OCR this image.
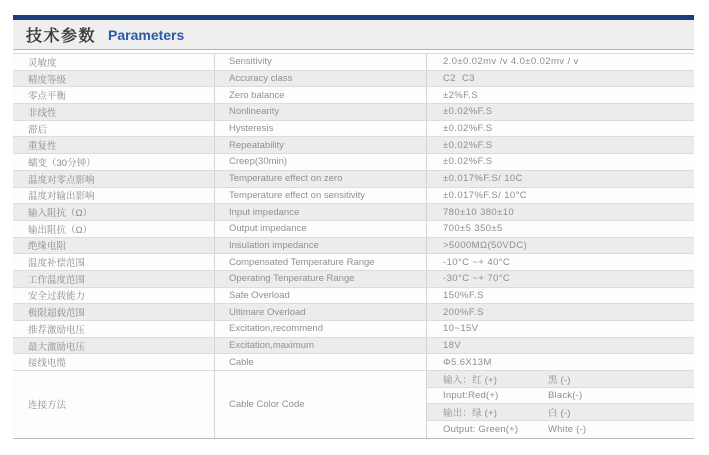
技术参数 Parameters
灵敏度	Sensitivity	2.0±0.02mv /v 4.0±0.02mv / v
精度等级	Accuracy class	C2  C3
零点平衡	Zero balance	±2%F.S
非线性	Nonlinearity	±0.02%F.S
滞后	Hysteresis	±0.02%F.S
重复性	Repeatability	±0.02%F.S
蠕变（30分钟）	Creep(30min)	±0.02%F.S
温度对零点影响	Temperature effect on zero	±0.017%F.S/ 10C
温度对输出影响	Temperature effect on sensitivity	±0.017%F.S/ 10°C
输入阻抗（Ω）	Input impedance	780±10 380±10
输出阻抗（Ω）	Output impedance	700±5 350±5
绝缘电阻	Insulation impedance	>5000MΩ(50VDC)
温度补偿范围	Compensated Temperature Range	-10°C ~+ 40°C
工作温度范围	Operating Tenperature Range	-30°C ~+ 70°C
安全过载能力	Safe Overload	150%F.S
极限超载范围	Ultimare Overload	200%F.S
推荐激励电压	Excitation,recommend	10~15V
最大激励电压	Excitation,maximum	18V
接线电缆	Cable	Φ5.6X13M
连接方法	Cable Color Code
输入：红 (+)	黑 (-)
Input:Red(+)	Black(-)
输出：绿 (+)	白 (-)
Output: Green(+)	White (-)
